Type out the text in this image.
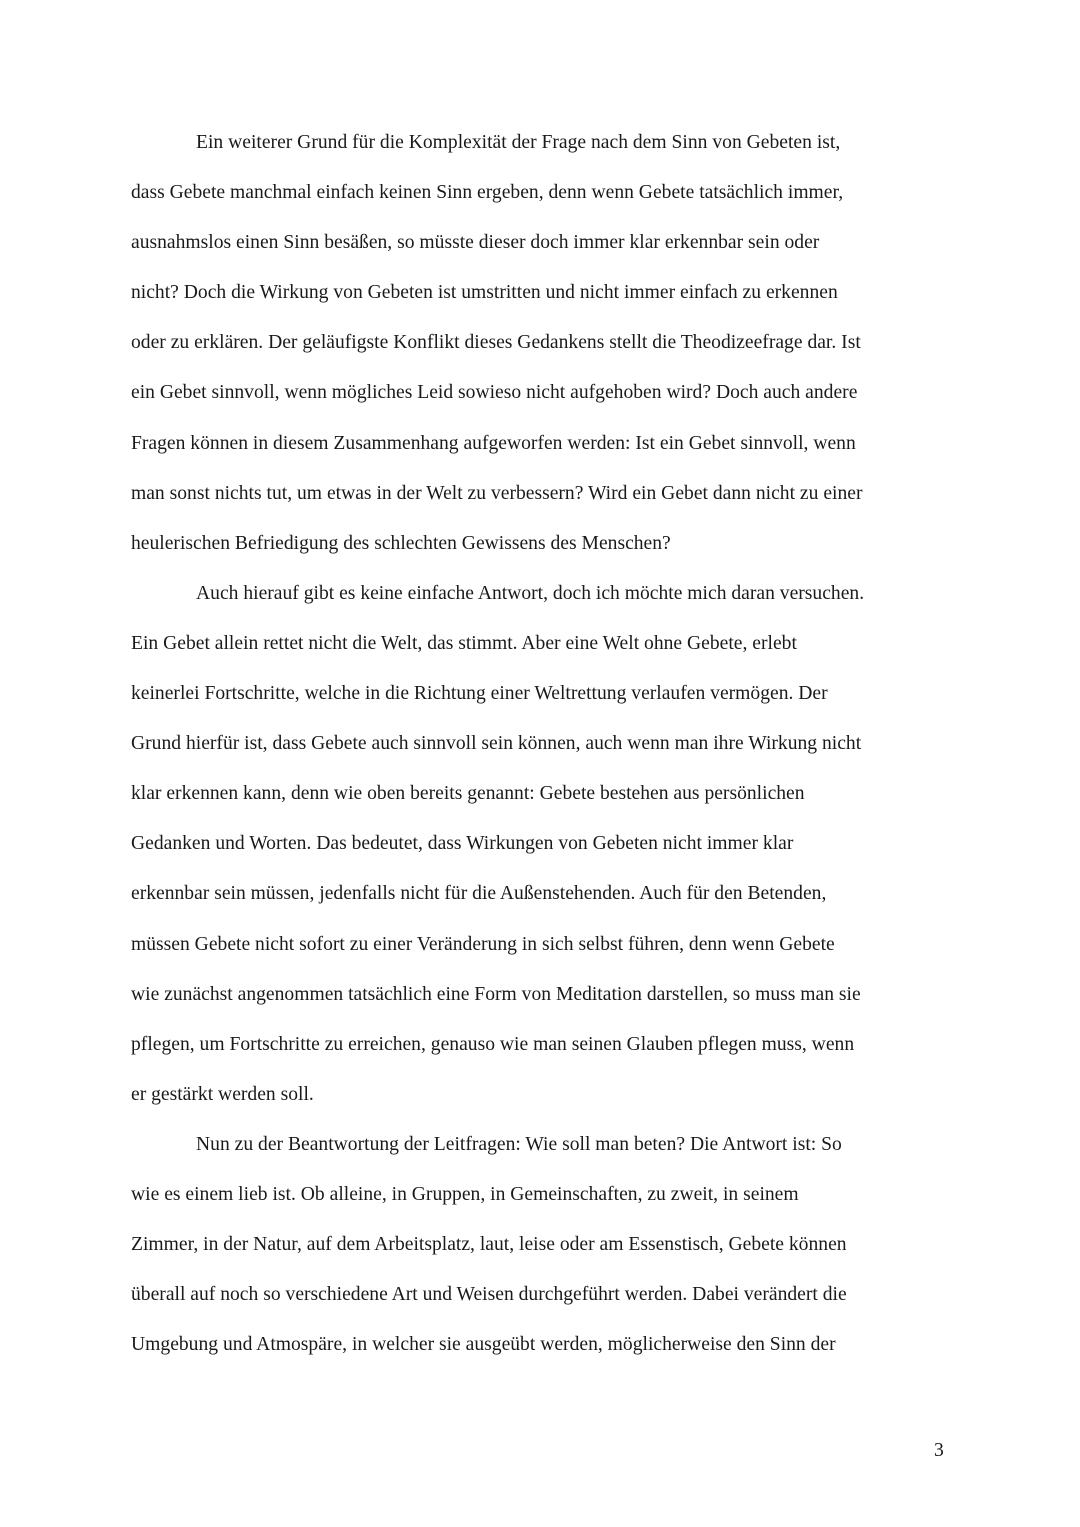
Ein weiterer Grund für die Komplexität der Frage nach dem Sinn von Gebeten ist,
dass Gebete manchmal einfach keinen Sinn ergeben, denn wenn Gebete tatsächlich immer,
ausnahmslos einen Sinn besäßen, so müsste dieser doch immer klar erkennbar sein oder
nicht? Doch die Wirkung von Gebeten ist umstritten und nicht immer einfach zu erkennen
oder zu erklären. Der geläufigste Konflikt dieses Gedankens stellt die Theodizeefrage dar. Ist
ein Gebet sinnvoll, wenn mögliches Leid sowieso nicht aufgehoben wird? Doch auch andere
Fragen können in diesem Zusammenhang aufgeworfen werden: Ist ein Gebet sinnvoll, wenn
man sonst nichts tut, um etwas in der Welt zu verbessern? Wird ein Gebet dann nicht zu einer
heulerischen Befriedigung des schlechten Gewissens des Menschen?
Auch hierauf gibt es keine einfache Antwort, doch ich möchte mich daran versuchen.
Ein Gebet allein rettet nicht die Welt, das stimmt. Aber eine Welt ohne Gebete, erlebt
keinerlei Fortschritte, welche in die Richtung einer Weltrettung verlaufen vermögen. Der
Grund hierfür ist, dass Gebete auch sinnvoll sein können, auch wenn man ihre Wirkung nicht
klar erkennen kann, denn wie oben bereits genannt: Gebete bestehen aus persönlichen
Gedanken und Worten. Das bedeutet, dass Wirkungen von Gebeten nicht immer klar
erkennbar sein müssen, jedenfalls nicht für die Außenstehenden. Auch für den Betenden,
müssen Gebete nicht sofort zu einer Veränderung in sich selbst führen, denn wenn Gebete
wie zunächst angenommen tatsächlich eine Form von Meditation darstellen, so muss man sie
pflegen, um Fortschritte zu erreichen, genauso wie man seinen Glauben pflegen muss, wenn
er gestärkt werden soll.
Nun zu der Beantwortung der Leitfragen: Wie soll man beten? Die Antwort ist: So
wie es einem lieb ist. Ob alleine, in Gruppen, in Gemeinschaften, zu zweit, in seinem
Zimmer, in der Natur, auf dem Arbeitsplatz, laut, leise oder am Essenstisch, Gebete können
überall auf noch so verschiedene Art und Weisen durchgeführt werden. Dabei verändert die
Umgebung und Atmospäre, in welcher sie ausgeübt werden, möglicherweise den Sinn der
3
